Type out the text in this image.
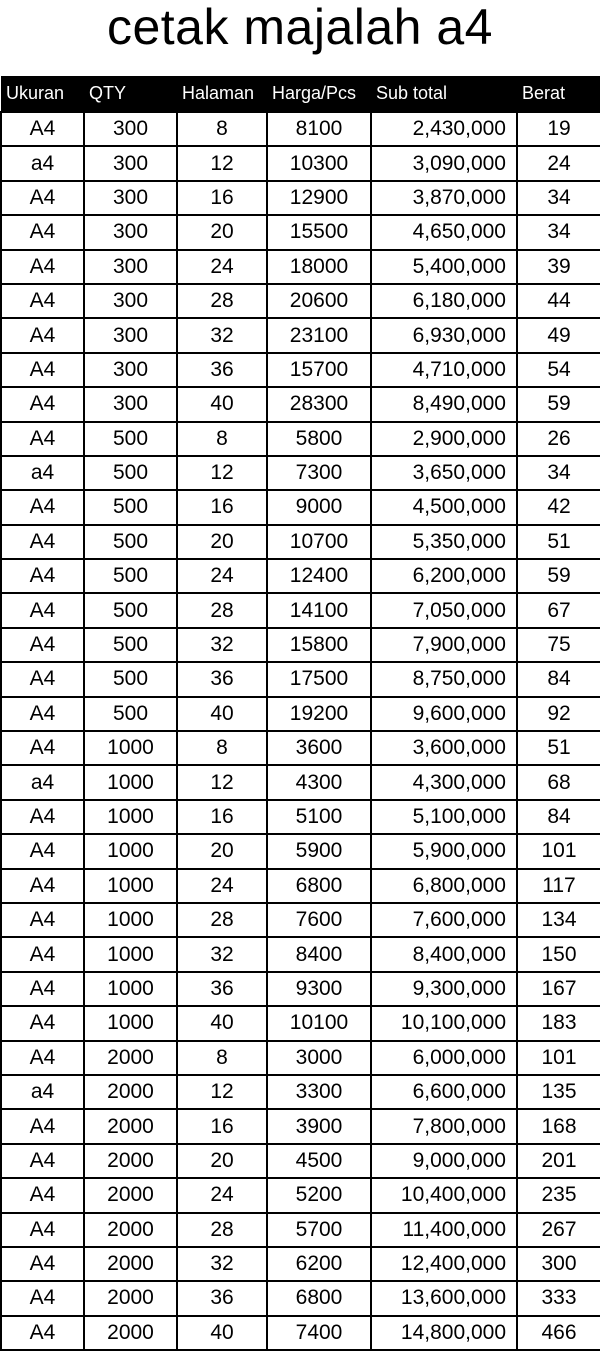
cetak majalah a4
Ukuran	QTY	Halaman	Harga/Pcs	Sub total	Berat
A4	300	8	8100	2,430,000	19
a4	300	12	10300	3,090,000	24
A4	300	16	12900	3,870,000	34
A4	300	20	15500	4,650,000	34
A4	300	24	18000	5,400,000	39
A4	300	28	20600	6,180,000	44
A4	300	32	23100	6,930,000	49
A4	300	36	15700	4,710,000	54
A4	300	40	28300	8,490,000	59
A4	500	8	5800	2,900,000	26
a4	500	12	7300	3,650,000	34
A4	500	16	9000	4,500,000	42
A4	500	20	10700	5,350,000	51
A4	500	24	12400	6,200,000	59
A4	500	28	14100	7,050,000	67
A4	500	32	15800	7,900,000	75
A4	500	36	17500	8,750,000	84
A4	500	40	19200	9,600,000	92
A4	1000	8	3600	3,600,000	51
a4	1000	12	4300	4,300,000	68
A4	1000	16	5100	5,100,000	84
A4	1000	20	5900	5,900,000	101
A4	1000	24	6800	6,800,000	117
A4	1000	28	7600	7,600,000	134
A4	1000	32	8400	8,400,000	150
A4	1000	36	9300	9,300,000	167
A4	1000	40	10100	10,100,000	183
A4	2000	8	3000	6,000,000	101
a4	2000	12	3300	6,600,000	135
A4	2000	16	3900	7,800,000	168
A4	2000	20	4500	9,000,000	201
A4	2000	24	5200	10,400,000	235
A4	2000	28	5700	11,400,000	267
A4	2000	32	6200	12,400,000	300
A4	2000	36	6800	13,600,000	333
A4	2000	40	7400	14,800,000	466
